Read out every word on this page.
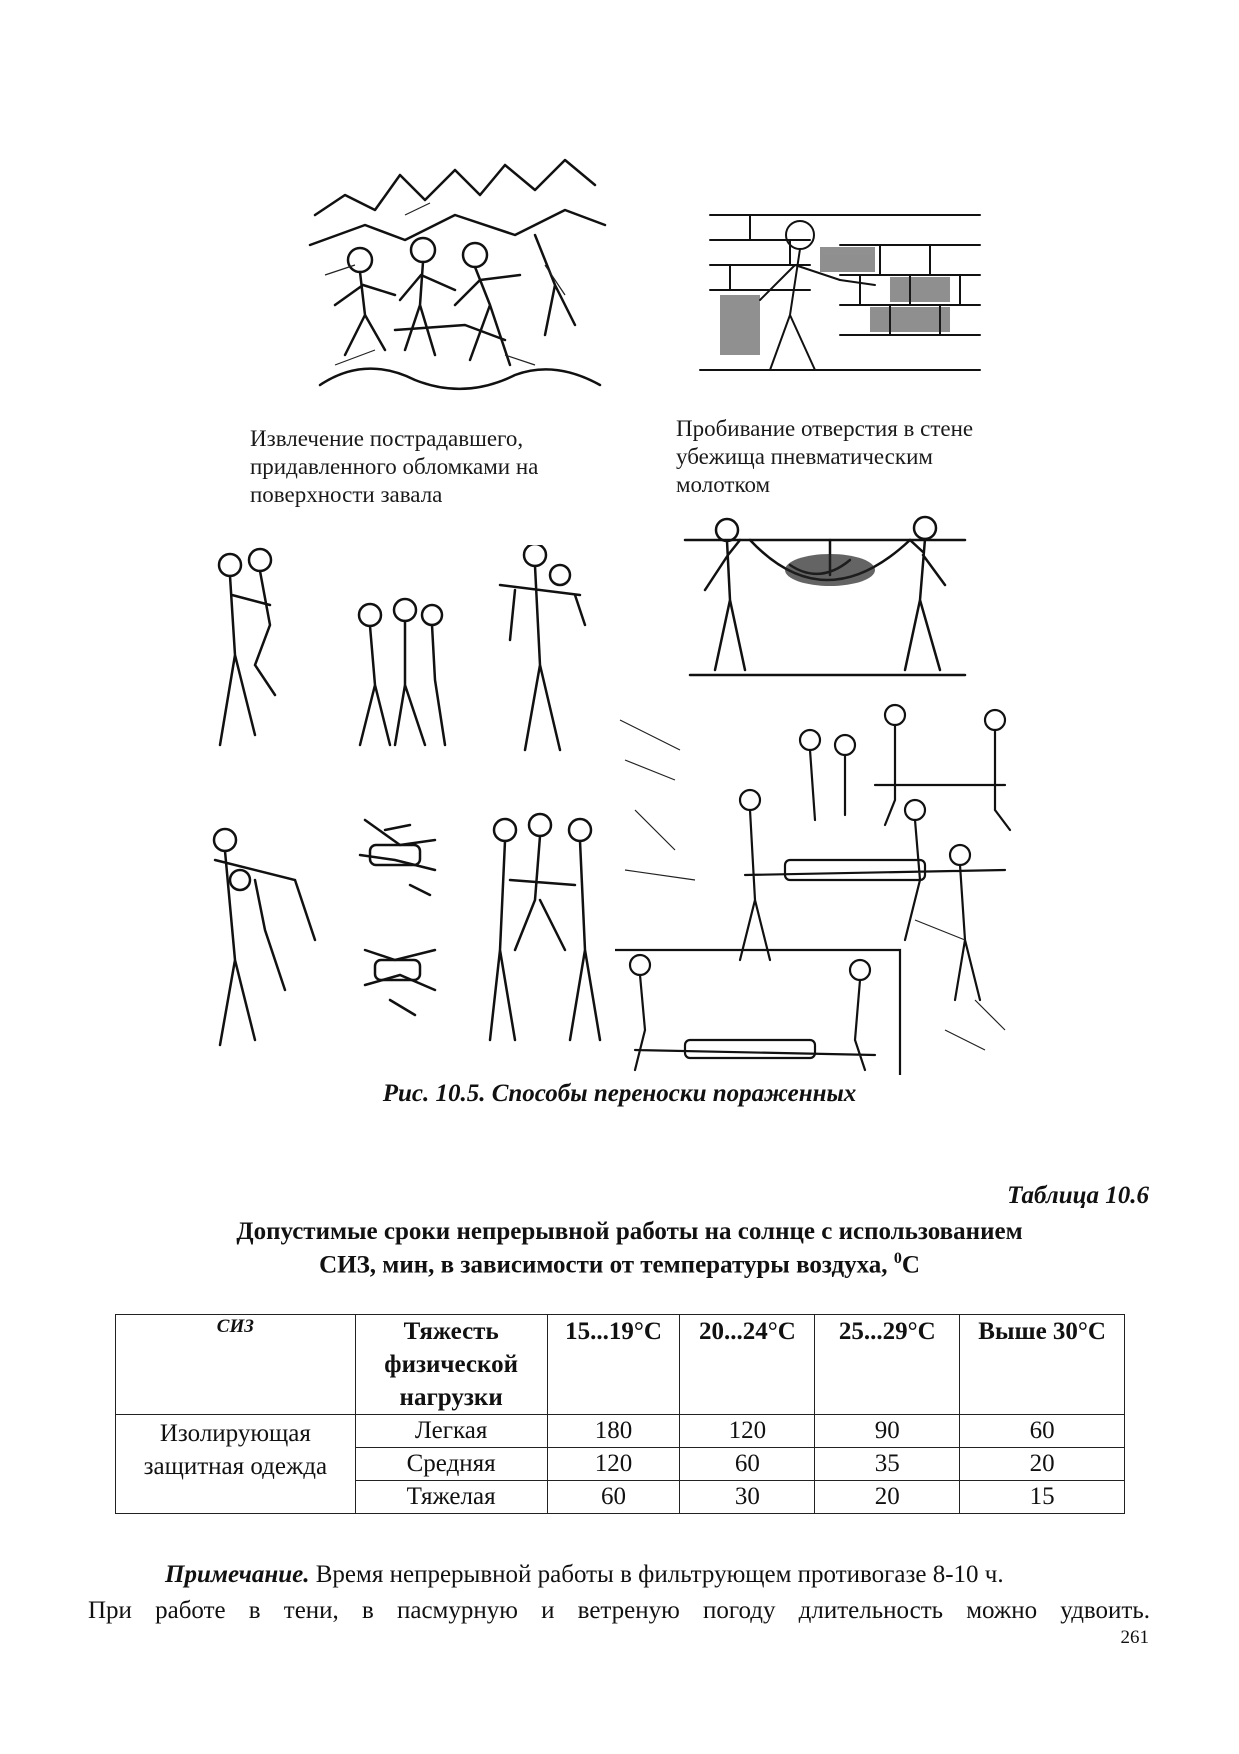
Извлечение пострадавшего,
придавленного обломками на
поверхности завала
Пробивание отверстия в стене
убежища пневматическим
молотком
Рис. 10.5. Способы переноски пораженных
Таблица 10.6
Допустимые сроки непрерывной работы на солнце с использованием
СИЗ, мин, в зависимости от температуры воздуха, $^0$С
СИЗ	Тяжесть
физической
нагрузки	15...19°С	20...24°С	25...29°С	Выше 30°С

Изолирующая
защитная одежда	Легкая	180	120	90	60
	Средняя	120	60	35	20
	Тяжелая	60	30	20	15
Примечание. Время непрерывной работы в фильтрующем противогазе 8-10 ч.
При работе в тени, в пасмурную и ветреную погоду длительность можно удвоить.
261
